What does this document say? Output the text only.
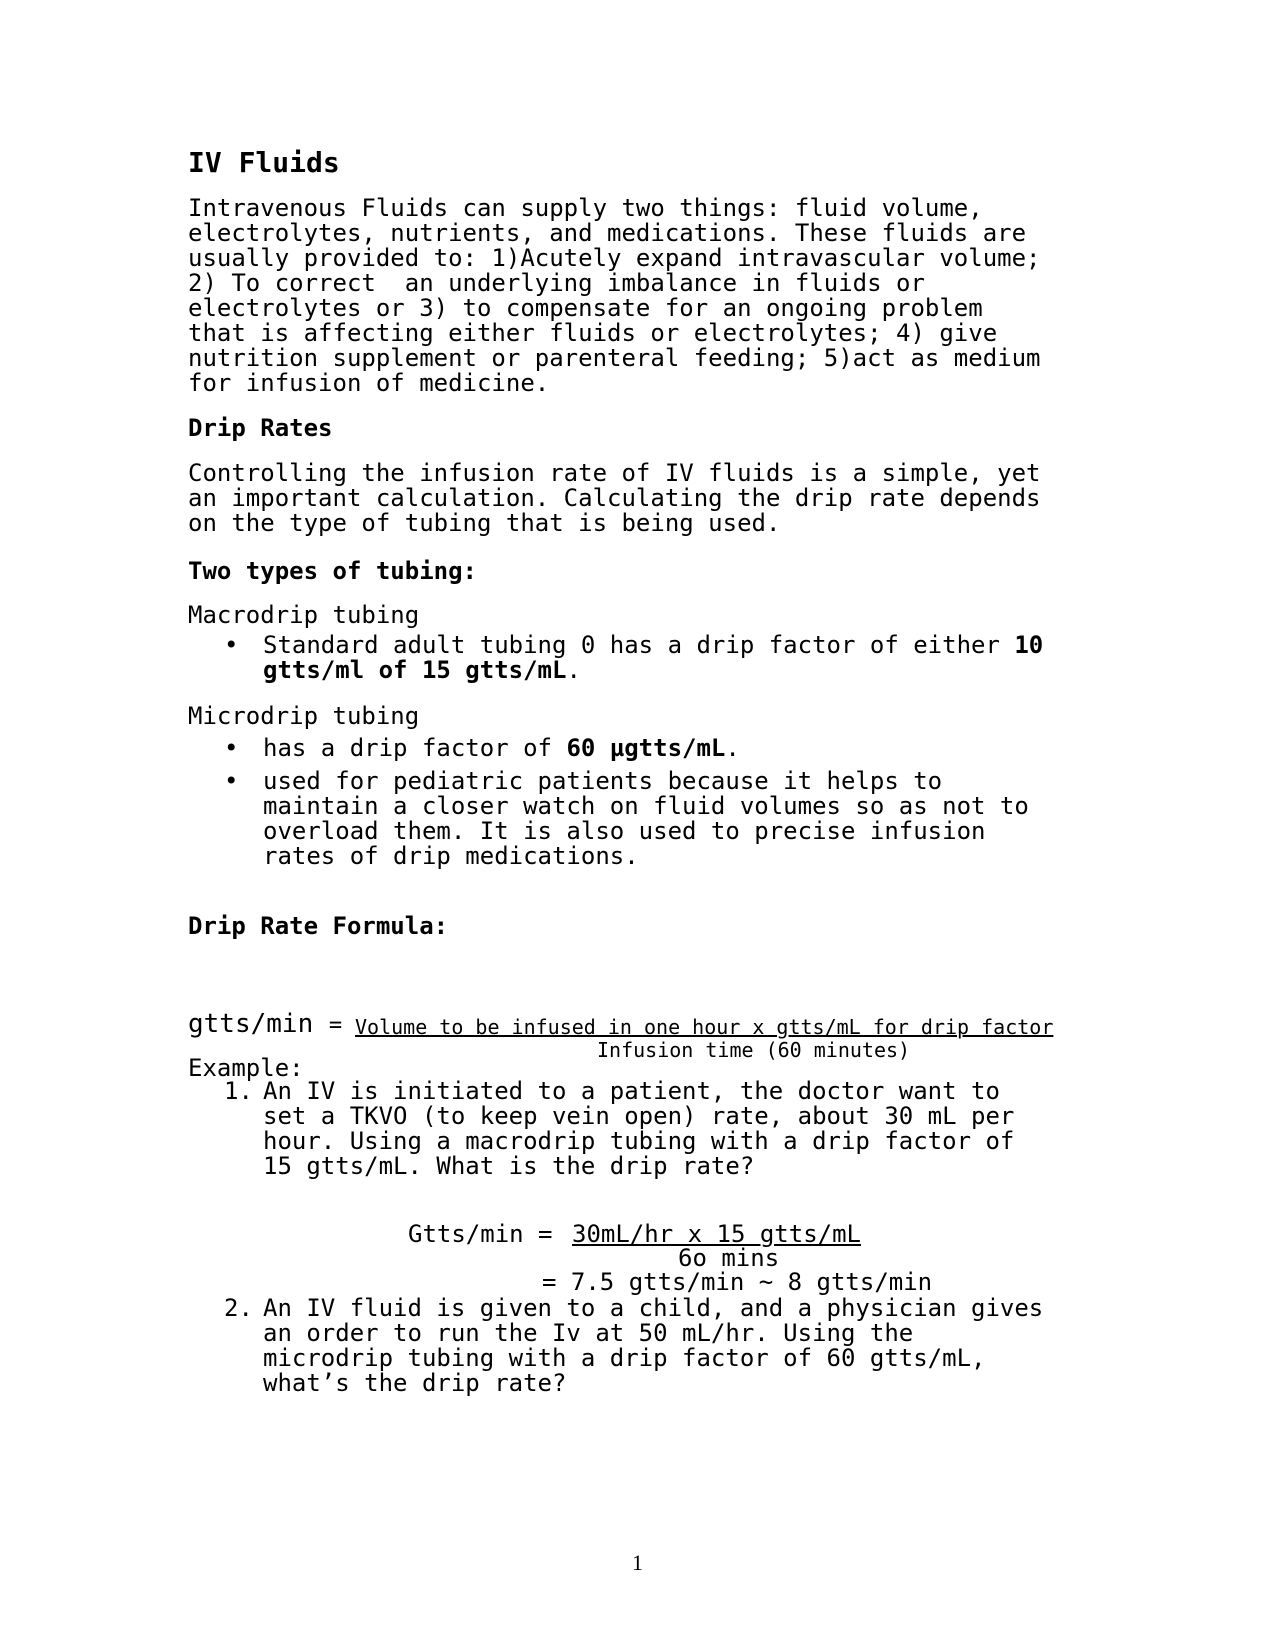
IV Fluids
Intravenous Fluids can supply two things: fluid volume,
electrolytes, nutrients, and medications. These fluids are
usually provided to: 1)Acutely expand intravascular volume;
2) To correct  an underlying imbalance in fluids or
electrolytes or 3) to compensate for an ongoing problem
that is affecting either fluids or electrolytes; 4) give
nutrition supplement or parenteral feeding; 5)act as medium
for infusion of medicine.
Drip Rates
Controlling the infusion rate of IV fluids is a simple, yet
an important calculation. Calculating the drip rate depends
on the type of tubing that is being used.
Two types of tubing:
Macrodrip tubing
• Standard adult tubing 0 has a drip factor of either 10
gtts/ml of 15 gtts/mL.
Microdrip tubing
• has a drip factor of 60 µgtts/mL.
• used for pediatric patients because it helps to
maintain a closer watch on fluid volumes so as not to
overload them. It is also used to precise infusion
rates of drip medications.
Drip Rate Formula:
gtts/min = Volume to be infused in one hour x gtts/mL for drip factor
Infusion time (60 minutes)

Example:
1. An IV is initiated to a patient, the doctor want to
set a TKVO (to keep vein open) rate, about 30 mL per
hour. Using a macrodrip tubing with a drip factor of
15 gtts/mL. What is the drip rate?
Gtts/min = 30mL/hr x 15 gtts/mL
6o mins
= 7.5 gtts/min ~ 8 gtts/min
2. An IV fluid is given to a child, and a physician gives
an order to run the Iv at 50 mL/hr. Using the
microdrip tubing with a drip factor of 60 gtts/mL,
what’s the drip rate?
1
